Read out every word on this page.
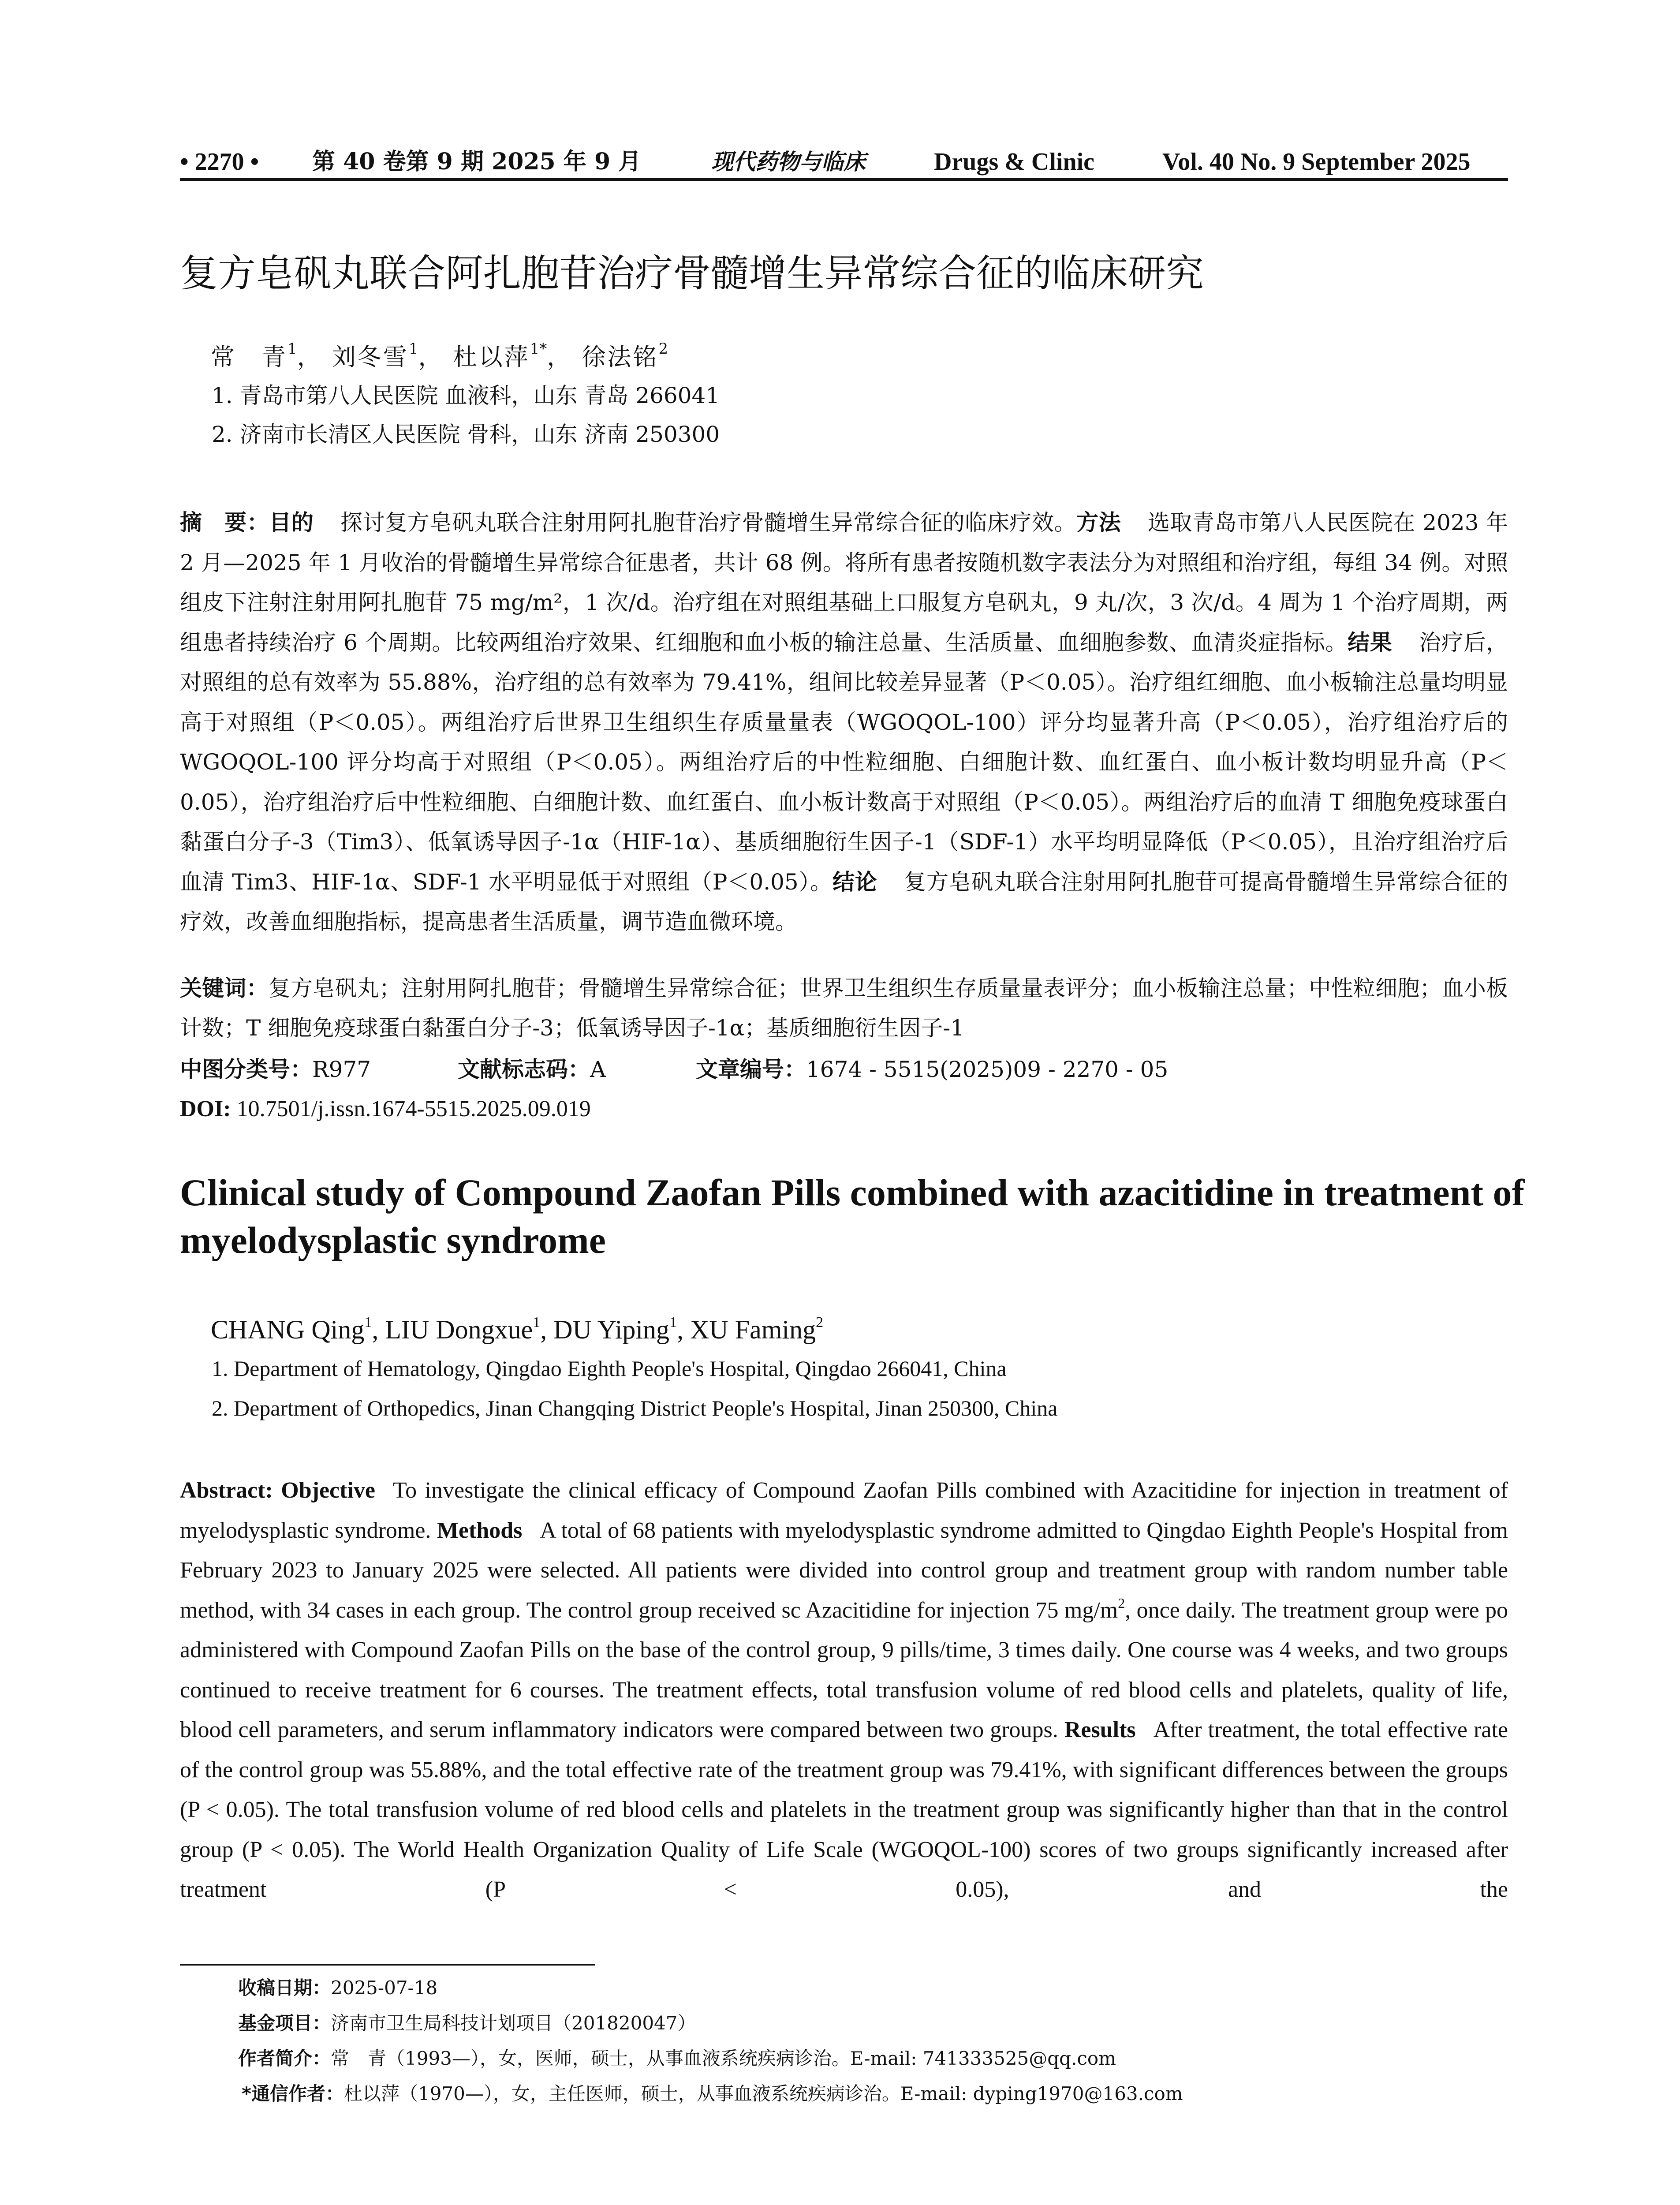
• 2270 • 第 40 卷第 9 期 2025 年 9 月	现代药物与临床	Drugs & Clinic	Vol. 40 No. 9 September 2025
复方皂矾丸联合阿扎胞苷治疗骨髓增生异常综合征的临床研究
常　青$^1$， 刘冬雪$^1$， 杜以萍$^{1*}$， 徐法铭$^2$
1. 青岛市第八人民医院 血液科，山东 青岛 266041
2. 济南市长清区人民医院 骨科，山东 济南 250300
摘　要：目的 探讨复方皂矾丸联合注射用阿扎胞苷治疗骨髓增生异常综合征的临床疗效。方法 选取青岛市第八人民医院在 2023 年 2 月—2025 年 1 月收治的骨髓增生异常综合征患者，共计 68 例。将所有患者按随机数字表法分为对照组和治疗组，每组 34 例。对照组皮下注射注射用阿扎胞苷 75 mg/m²，1 次/d。治疗组在对照组基础上口服复方皂矾丸，9 丸/次，3 次/d。4 周为 1 个治疗周期，两组患者持续治疗 6 个周期。比较两组治疗效果、红细胞和血小板的输注总量、生活质量、血细胞参数、血清炎症指标。结果 治疗后，对照组的总有效率为 55.88%，治疗组的总有效率为 79.41%，组间比较差异显著（P＜0.05）。治疗组红细胞、血小板输注总量均明显高于对照组（P＜0.05）。两组治疗后世界卫生组织生存质量量表（WGOQOL-100）评分均显著升高（P＜0.05），治疗组治疗后的 WGOQOL-100 评分均高于对照组（P＜0.05）。两组治疗后的中性粒细胞、白细胞计数、血红蛋白、血小板计数均明显升高（P＜0.05），治疗组治疗后中性粒细胞、白细胞计数、血红蛋白、血小板计数高于对照组（P＜0.05）。两组治疗后的血清 T 细胞免疫球蛋白黏蛋白分子-3（Tim3）、低氧诱导因子-1α（HIF-1α）、基质细胞衍生因子-1（SDF-1）水平均明显降低（P＜0.05），且治疗组治疗后血清 Tim3、HIF-1α、SDF-1 水平明显低于对照组（P＜0.05）。结论 复方皂矾丸联合注射用阿扎胞苷可提高骨髓增生异常综合征的疗效，改善血细胞指标，提高患者生活质量，调节造血微环境。
关键词：复方皂矾丸；注射用阿扎胞苷；骨髓增生异常综合征；世界卫生组织生存质量量表评分；血小板输注总量；中性粒细胞；血小板计数；T 细胞免疫球蛋白黏蛋白分子-3；低氧诱导因子-1α；基质细胞衍生因子-1
中图分类号：R977	文献标志码：A	文章编号：1674 - 5515(2025)09 - 2270 - 05
DOI: 10.7501/j.issn.1674-5515.2025.09.019
Clinical study of Compound Zaofan Pills combined with azacitidine in treatment of myelodysplastic syndrome
CHANG Qing$^1$, LIU Dongxue$^1$, DU Yiping$^1$, XU Faming$^2$
1. Department of Hematology, Qingdao Eighth People's Hospital, Qingdao 266041, China
2. Department of Orthopedics, Jinan Changqing District People's Hospital, Jinan 250300, China
Abstract: Objective To investigate the clinical efficacy of Compound Zaofan Pills combined with Azacitidine for injection in treatment of myelodysplastic syndrome. Methods A total of 68 patients with myelodysplastic syndrome admitted to Qingdao Eighth People's Hospital from February 2023 to January 2025 were selected. All patients were divided into control group and treatment group with random number table method, with 34 cases in each group. The control group received sc Azacitidine for injection 75 $mg/m^2$, once daily. The treatment group were po administered with Compound Zaofan Pills on the base of the control group, 9 pills/time, 3 times daily. One course was 4 weeks, and two groups continued to receive treatment for 6 courses. The treatment effects, total transfusion volume of red blood cells and platelets, quality of life, blood cell parameters, and serum inflammatory indicators were compared between two groups. Results After treatment, the total effective rate of the control group was 55.88%, and the total effective rate of the treatment group was 79.41%, with significant differences between the groups (P < 0.05). The total transfusion volume of red blood cells and platelets in the treatment group was significantly higher than that in the control group (P < 0.05). The World Health Organization Quality of Life Scale (WGOQOL-100) scores of two groups significantly increased after treatment (P < 0.05), and the
收稿日期：2025-07-18
基金项目：济南市卫生局科技计划项目（201820047）
作者简介：常　青（1993—），女，医师，硕士，从事血液系统疾病诊治。E-mail: 741333525@qq.com
*通信作者：杜以萍（1970—），女，主任医师，硕士，从事血液系统疾病诊治。E-mail: dyping1970@163.com
